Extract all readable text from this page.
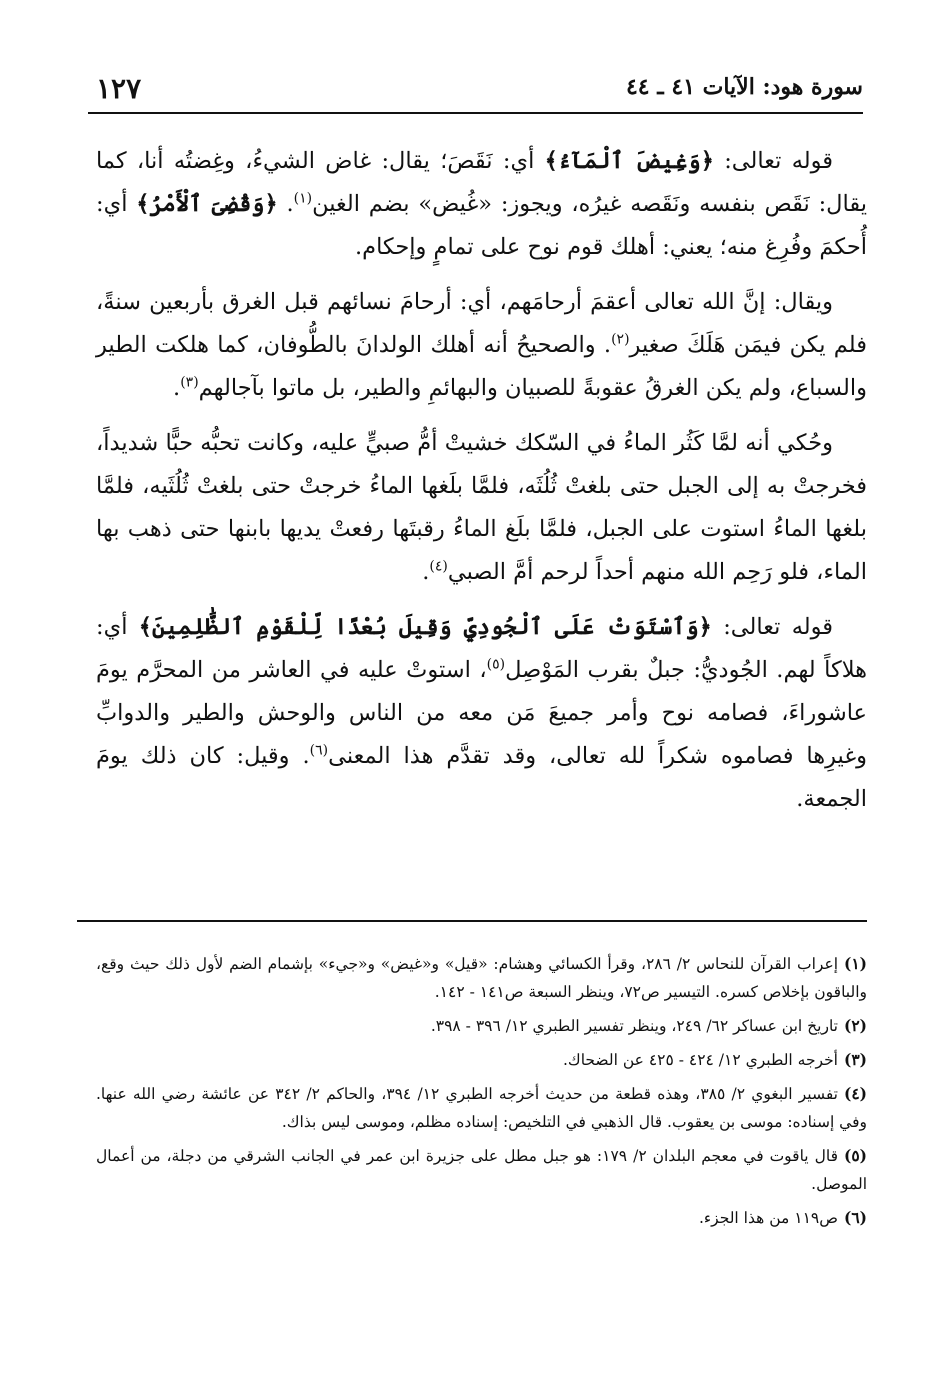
سورة هود: الآيات ٤١ ـ ٤٤
١٢٧

قوله تعالى: ﴿وَغِيضَ ٱلْمَآءُ﴾ أي: نَقَصَ؛ يقال: غاض الشيءُ، وغِضتُه أنا، كما يقال: نَقَص بنفسه ونَقَصه غيرُه، ويجوز: «غُيض» بضم الغين$^{(١)}$. ﴿وَقُضِىَ ٱلْأَمْرُ﴾ أي: أُحكمَ وفُرِغ منه؛ يعني: أهلك قوم نوح على تمامٍ وإحكام.

ويقال: إنَّ الله تعالى أعقمَ أرحامَهم، أي: أرحامَ نسائهم قبل الغرق بأربعين سنةً، فلم يكن فيمَن هَلَكَ صغير$^{(٢)}$. والصحيحُ أنه أهلك الولدانَ بالطُّوفان، كما هلكت الطير والسباع، ولم يكن الغرقُ عقوبةً للصبيان والبهائمِ والطير، بل ماتوا بآجالهم$^{(٣)}$.

وحُكي أنه لمَّا كَثُر الماءُ في السّكك خشيتْ أمُّ صبيٍّ عليه، وكانت تحبُّه حبًّا شديداً، فخرجتْ به إلى الجبل حتى بلغتْ ثُلُثَه، فلمَّا بلَغها الماءُ خرجتْ حتى بلغتْ ثُلُثَيه، فلمَّا بلغها الماءُ استوت على الجبل، فلمَّا بلَغ الماءُ رقبتَها رفعتْ يديها بابنها حتى ذهب بها الماء، فلو رَحِم الله منهم أحداً لرحم أمَّ الصبي$^{(٤)}$.

قوله تعالى: ﴿وَٱسْتَوَتْ عَلَى ٱلْجُودِيِّ وَقِيلَ بُعْدًا لِّلْقَوْمِ ٱلظَّٰلِمِينَ﴾ أي: هلاكاً لهم. الجُوديُّ: جبلٌ بقرب المَوْصِل$^{(٥)}$، استوتْ عليه في العاشر من المحرَّم يومَ عاشوراءَ، فصامه نوح وأمر جميعَ مَن معه من الناس والوحش والطير والدوابِّ وغيرِها فصاموه شكراً لله تعالى، وقد تقدَّم هذا المعنى$^{(٦)}$. وقيل: كان ذلك يومَ الجمعة.

(١)إعراب القرآن للنحاس ٢/ ٢٨٦، وقرأ الكسائي وهشام: «قيل» و«غيض» و«جيء» بإشمام الضم لأول ذلك حيث وقع، والباقون بإخلاص كسره. التيسير ص٧٢، وينظر السبعة ص١٤١ - ١٤٢.

(٢)تاريخ ابن عساكر ٦٢/ ٢٤٩، وينظر تفسير الطبري ١٢/ ٣٩٦ - ٣٩٨.

(٣)أخرجه الطبري ١٢/ ٤٢٤ - ٤٢٥ عن الضحاك.

(٤)تفسير البغوي ٢/ ٣٨٥، وهذه قطعة من حديث أخرجه الطبري ١٢/ ٣٩٤، والحاكم ٢/ ٣٤٢ عن عائشة رضي الله عنها. وفي إسناده: موسى بن يعقوب. قال الذهبي في التلخيص: إسناده مظلم، وموسى ليس بذاك.

(٥)قال ياقوت في معجم البلدان ٢/ ١٧٩: هو جبل مطل على جزيرة ابن عمر في الجانب الشرقي من دجلة، من أعمال الموصل.

(٦)ص١١٩ من هذا الجزء.
